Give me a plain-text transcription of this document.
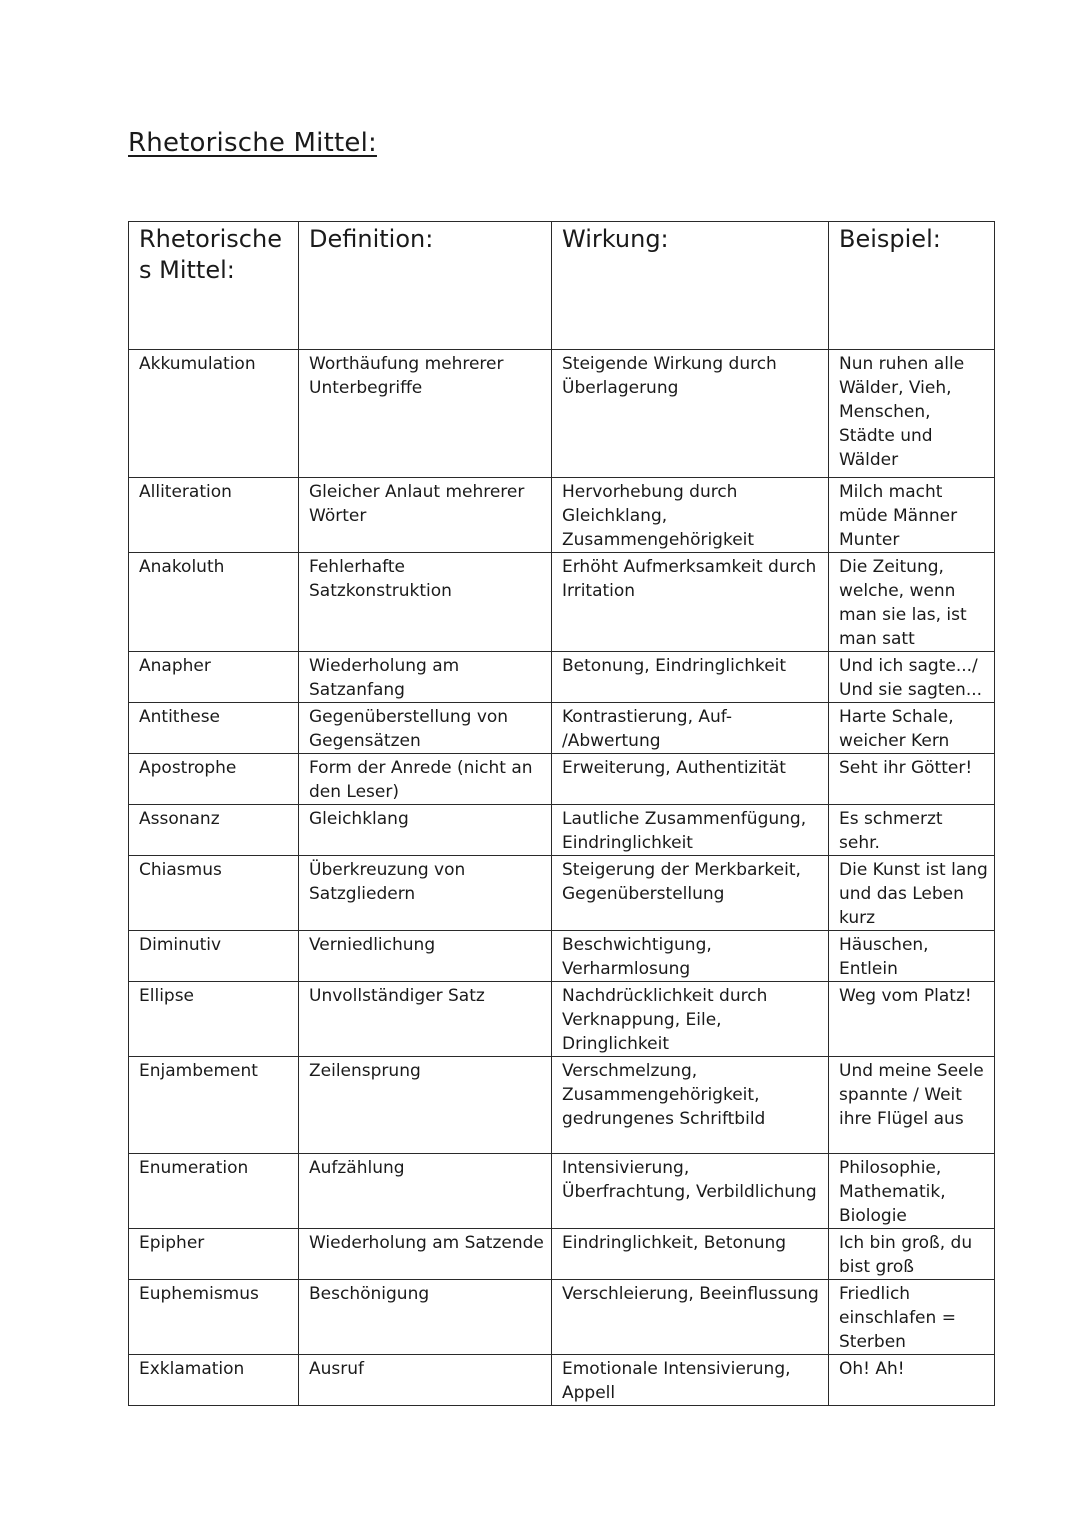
Rhetorische Mittel:
Rhetorisches Mittel:	Definition:	Wirkung:	Beispiel:
Akkumulation	Worthäufung mehrerer Unterbegriffe	Steigende Wirkung durch Überlagerung	Nun ruhen alle Wälder, Vieh, Menschen, Städte und Wälder
Alliteration	Gleicher Anlaut mehrerer Wörter	Hervorhebung durch Gleichklang, Zusammengehörigkeit	Milch macht müde Männer Munter
Anakoluth	Fehlerhafte Satzkonstruktion	Erhöht Aufmerksamkeit durch Irritation	Die Zeitung, welche, wenn man sie las, ist man satt
Anapher	Wiederholung am Satzanfang	Betonung, Eindringlichkeit	Und ich sagte.../ Und sie sagten...
Antithese	Gegenüberstellung von Gegensätzen	Kontrastierung, Auf- /Abwertung	Harte Schale, weicher Kern
Apostrophe	Form der Anrede (nicht an den Leser)	Erweiterung, Authentizität	Seht ihr Götter!
Assonanz	Gleichklang	Lautliche Zusammenfügung, Eindringlichkeit	Es schmerzt sehr.
Chiasmus	Überkreuzung von Satzgliedern	Steigerung der Merkbarkeit, Gegenüberstellung	Die Kunst ist lang und das Leben kurz
Diminutiv	Verniedlichung	Beschwichtigung, Verharmlosung	Häuschen, Entlein
Ellipse	Unvollständiger Satz	Nachdrücklichkeit durch Verknappung, Eile, Dringlichkeit	Weg vom Platz!
Enjambement	Zeilensprung	Verschmelzung, Zusammengehörigkeit, gedrungenes Schriftbild	Und meine Seele spannte / Weit ihre Flügel aus
Enumeration	Aufzählung	Intensivierung, Überfrachtung, Verbildlichung	Philosophie, Mathematik, Biologie
Epipher	Wiederholung am Satzende	Eindringlichkeit, Betonung	Ich bin groß, du bist groß
Euphemismus	Beschönigung	Verschleierung, Beeinflussung	Friedlich einschlafen = Sterben
Exklamation	Ausruf	Emotionale Intensivierung, Appell	Oh! Ah!
